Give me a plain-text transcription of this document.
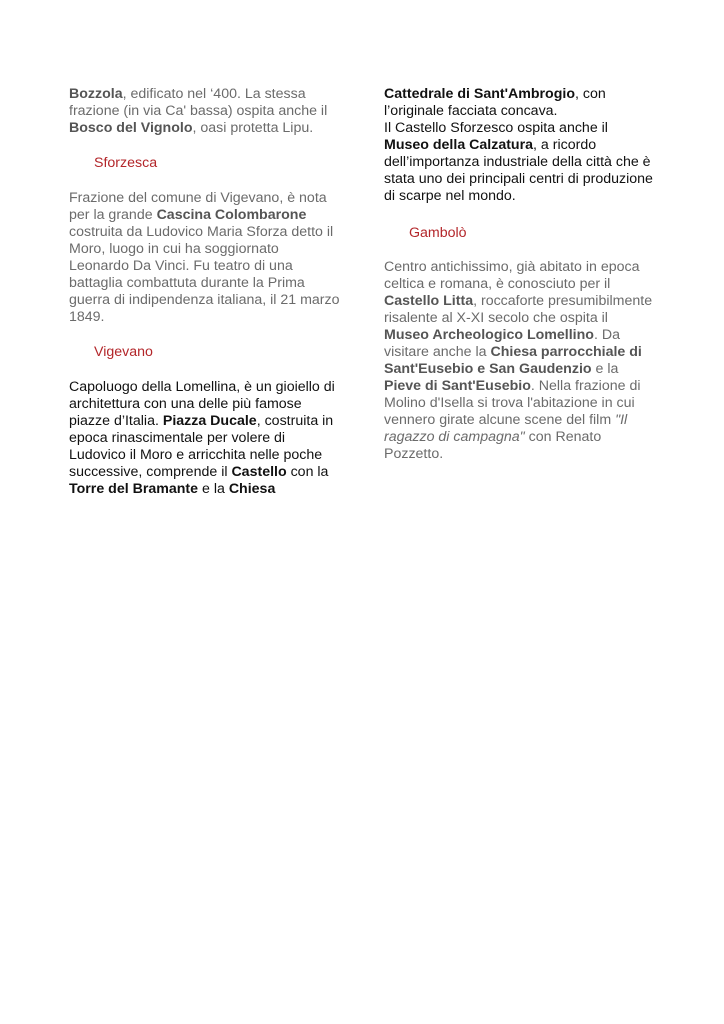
Bozzola, edificato nel ‘400. La stessa frazione (in via Ca' bassa) ospita anche il Bosco del Vignolo, oasi protetta Lipu.

Sforzesca

Frazione del comune di Vigevano, è nota per la grande Cascina Colombarone costruita da Ludovico Maria Sforza detto il Moro, luogo in cui ha soggiornato Leonardo Da Vinci. Fu teatro di una battaglia combattuta durante la Prima guerra di indipendenza italiana, il 21 marzo 1849.

Vigevano

Capoluogo della Lomellina, è un gioiello di architettura con una delle più famose piazze d’Italia. Piazza Ducale, costruita in epoca rinascimentale per volere di Ludovico il Moro e arricchita nelle poche successive, comprende il Castello con la Torre del Bramante e la Chiesa

Cattedrale di Sant'Ambrogio, con l’originale facciata concava.
Il Castello Sforzesco ospita anche il Museo della Calzatura, a ricordo dell’importanza industriale della città che è stata uno dei principali centri di produzione di scarpe nel mondo.

Gambolò

Centro antichissimo, già abitato in epoca celtica e romana, è conosciuto per il Castello Litta, roccaforte presumibilmente risalente al X-XI secolo che ospita il Museo Archeologico Lomellino. Da visitare anche la Chiesa parrocchiale di Sant'Eusebio e San Gaudenzio e la Pieve di Sant'Eusebio. Nella frazione di Molino d'Isella si trova l'abitazione in cui vennero girate alcune scene del film "Il ragazzo di campagna" con Renato Pozzetto.
